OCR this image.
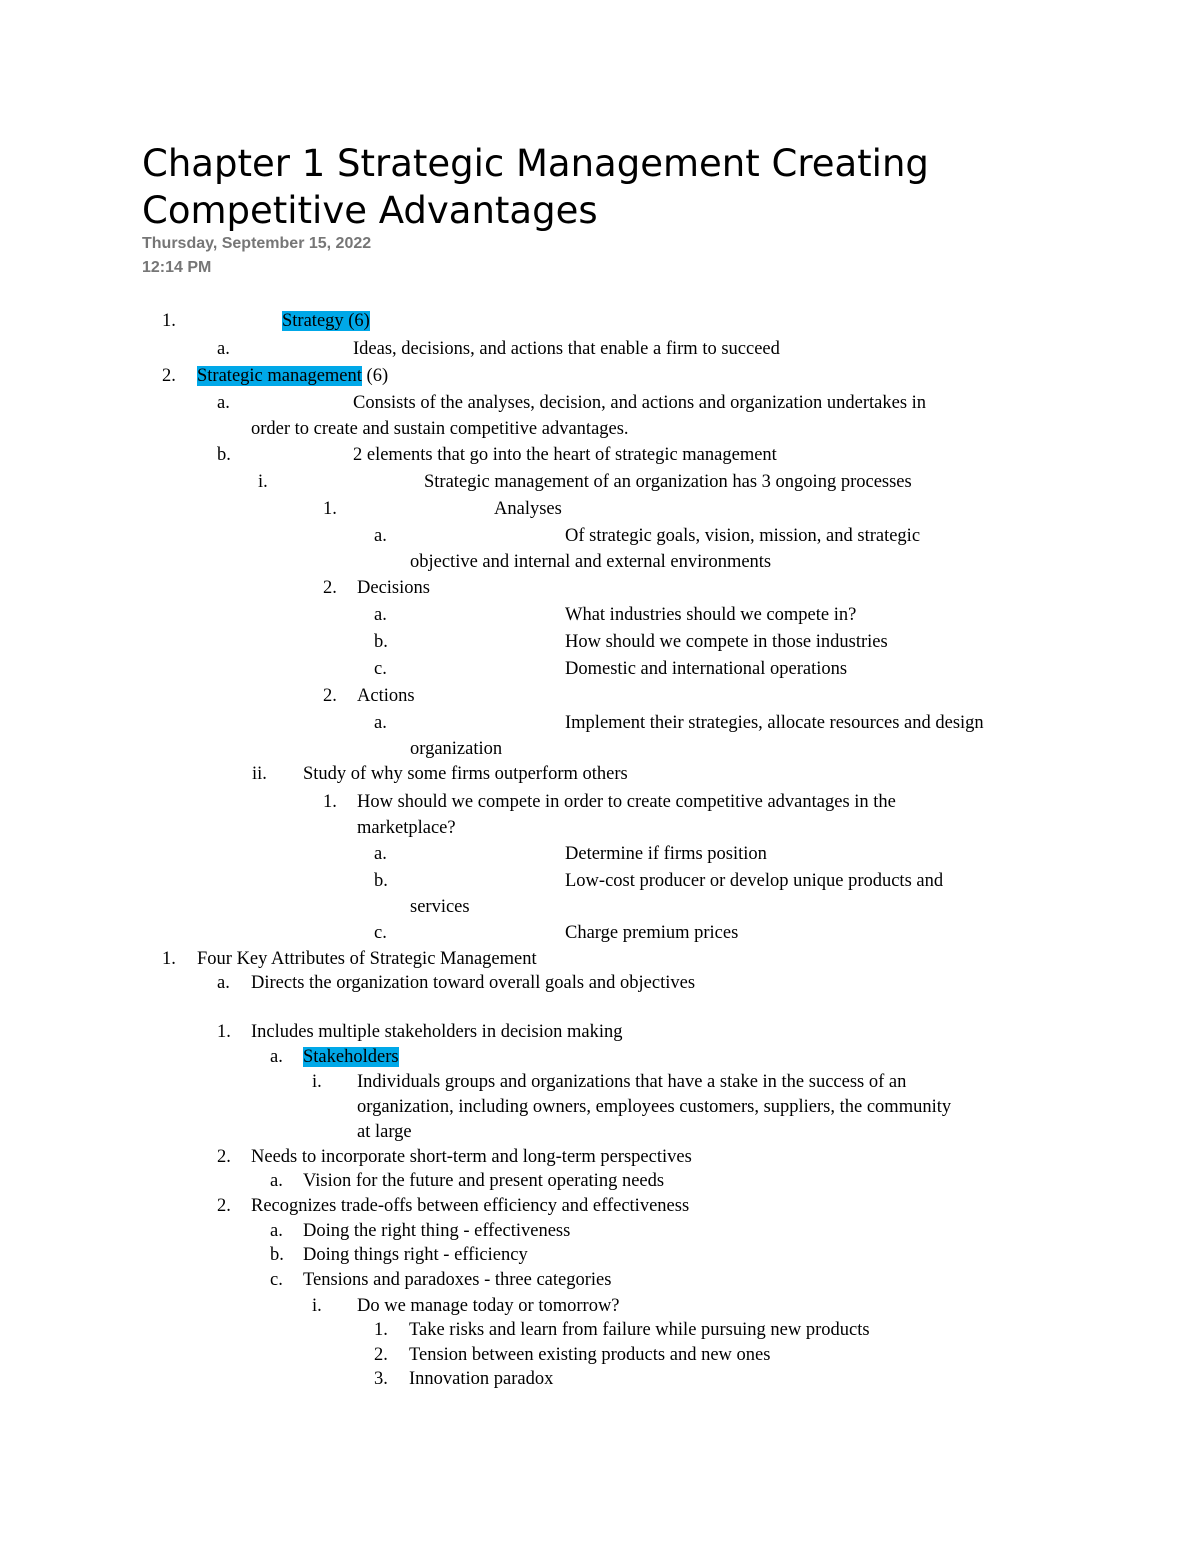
Chapter 1 Strategic Management Creating
Competitive Advantages
Thursday, September 15, 2022
12:14 PM
1.	Strategy (6)
a.	Ideas, decisions, and actions that enable a firm to succeed
2. Strategic management (6)
a.	Consists of the analyses, decision, and actions and organization undertakes in
order to create and sustain competitive advantages.
b.	2 elements that go into the heart of strategic management
i.	Strategic management of an organization has 3 ongoing processes
1.	Analyses
a.	Of strategic goals, vision, mission, and strategic
objective and internal and external environments
2. Decisions
a.	What industries should we compete in?
b.	How should we compete in those industries
c.	Domestic and international operations
2. Actions
a.	Implement their strategies, allocate resources and design
organization
ii. Study of why some firms outperform others
1. How should we compete in order to create competitive advantages in the
marketplace?
a.	Determine if firms position
b.	Low-cost producer or develop unique products and
services
c.	Charge premium prices
1. Four Key Attributes of Strategic Management
a. Directs the organization toward overall goals and objectives
1. Includes multiple stakeholders in decision making
a. Stakeholders
i. Individuals groups and organizations that have a stake in the success of an
organization, including owners, employees customers, suppliers, the community
at large
2. Needs to incorporate short-term and long-term perspectives
a. Vision for the future and present operating needs
2. Recognizes trade-offs between efficiency and effectiveness
a. Doing the right thing - effectiveness
b. Doing things right - efficiency
c. Tensions and paradoxes - three categories
i. Do we manage today or tomorrow?
1. Take risks and learn from failure while pursuing new products
2. Tension between existing products and new ones
3. Innovation paradox
